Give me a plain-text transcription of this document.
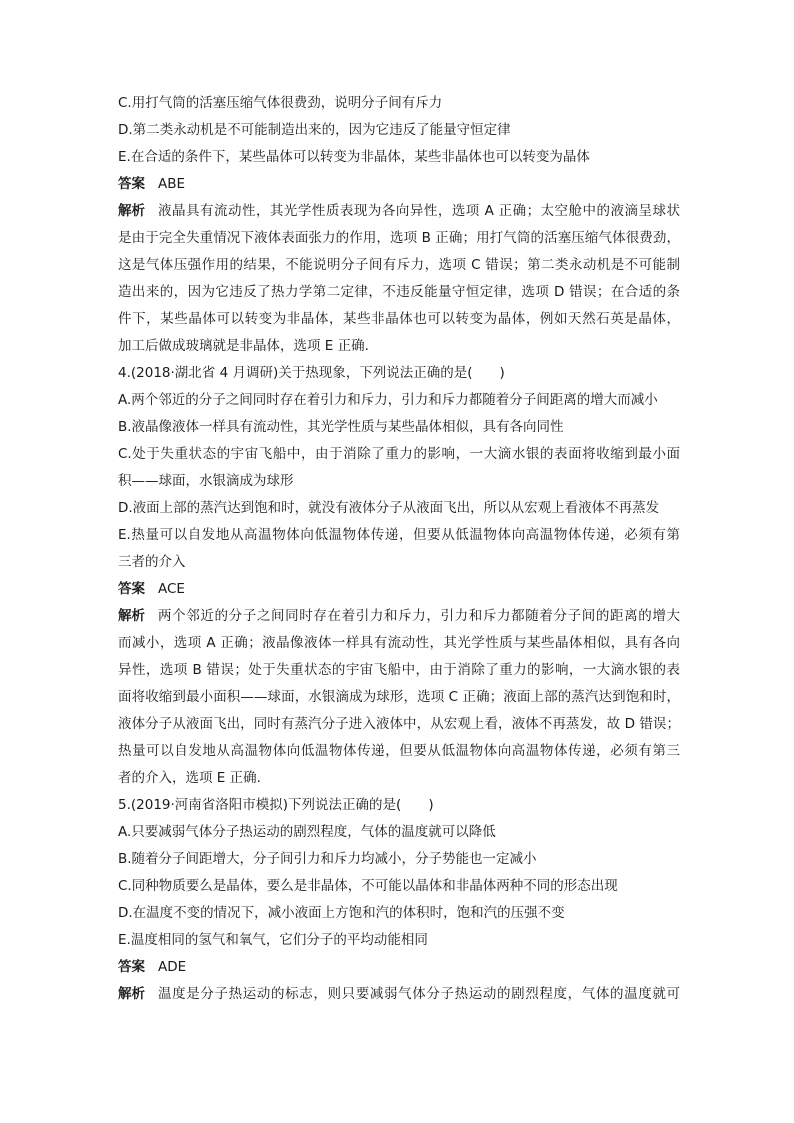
C.用打气筒的活塞压缩气体很费劲，说明分子间有斥力
D.第二类永动机是不可能制造出来的，因为它违反了能量守恒定律
E.在合适的条件下，某些晶体可以转变为非晶体，某些非晶体也可以转变为晶体
答案 ABE
解析 液晶具有流动性，其光学性质表现为各向异性，选项 A 正确；太空舱中的液滴呈球状
是由于完全失重情况下液体表面张力的作用，选项 B 正确；用打气筒的活塞压缩气体很费劲，
这是气体压强作用的结果，不能说明分子间有斥力，选项 C 错误；第二类永动机是不可能制
造出来的，因为它违反了热力学第二定律，不违反能量守恒定律，选项 D 错误；在合适的条
件下，某些晶体可以转变为非晶体，某些非晶体也可以转变为晶体，例如天然石英是晶体，
加工后做成玻璃就是非晶体，选项 E 正确.
4.(2018·湖北省 4 月调研)关于热现象，下列说法正确的是(　　)
A.两个邻近的分子之间同时存在着引力和斥力，引力和斥力都随着分子间距离的增大而减小
B.液晶像液体一样具有流动性，其光学性质与某些晶体相似，具有各向同性
C.处于失重状态的宇宙飞船中，由于消除了重力的影响，一大滴水银的表面将收缩到最小面
积——球面，水银滴成为球形
D.液面上部的蒸汽达到饱和时，就没有液体分子从液面飞出，所以从宏观上看液体不再蒸发
E.热量可以自发地从高温物体向低温物体传递，但要从低温物体向高温物体传递，必须有第
三者的介入
答案 ACE
解析 两个邻近的分子之间同时存在着引力和斥力，引力和斥力都随着分子间的距离的增大
而减小，选项 A 正确；液晶像液体一样具有流动性，其光学性质与某些晶体相似，具有各向
异性，选项 B 错误；处于失重状态的宇宙飞船中，由于消除了重力的影响，一大滴水银的表
面将收缩到最小面积——球面，水银滴成为球形，选项 C 正确；液面上部的蒸汽达到饱和时，
液体分子从液面飞出，同时有蒸汽分子进入液体中，从宏观上看，液体不再蒸发，故 D 错误；
热量可以自发地从高温物体向低温物体传递，但要从低温物体向高温物体传递，必须有第三
者的介入，选项 E 正确.
5.(2019·河南省洛阳市模拟)下列说法正确的是(　　)
A.只要减弱气体分子热运动的剧烈程度，气体的温度就可以降低
B.随着分子间距增大，分子间引力和斥力均减小，分子势能也一定减小
C.同种物质要么是晶体，要么是非晶体，不可能以晶体和非晶体两种不同的形态出现
D.在温度不变的情况下，减小液面上方饱和汽的体积时，饱和汽的压强不变
E.温度相同的氢气和氧气，它们分子的平均动能相同
答案 ADE
解析 温度是分子热运动的标志，则只要减弱气体分子热运动的剧烈程度，气体的温度就可
